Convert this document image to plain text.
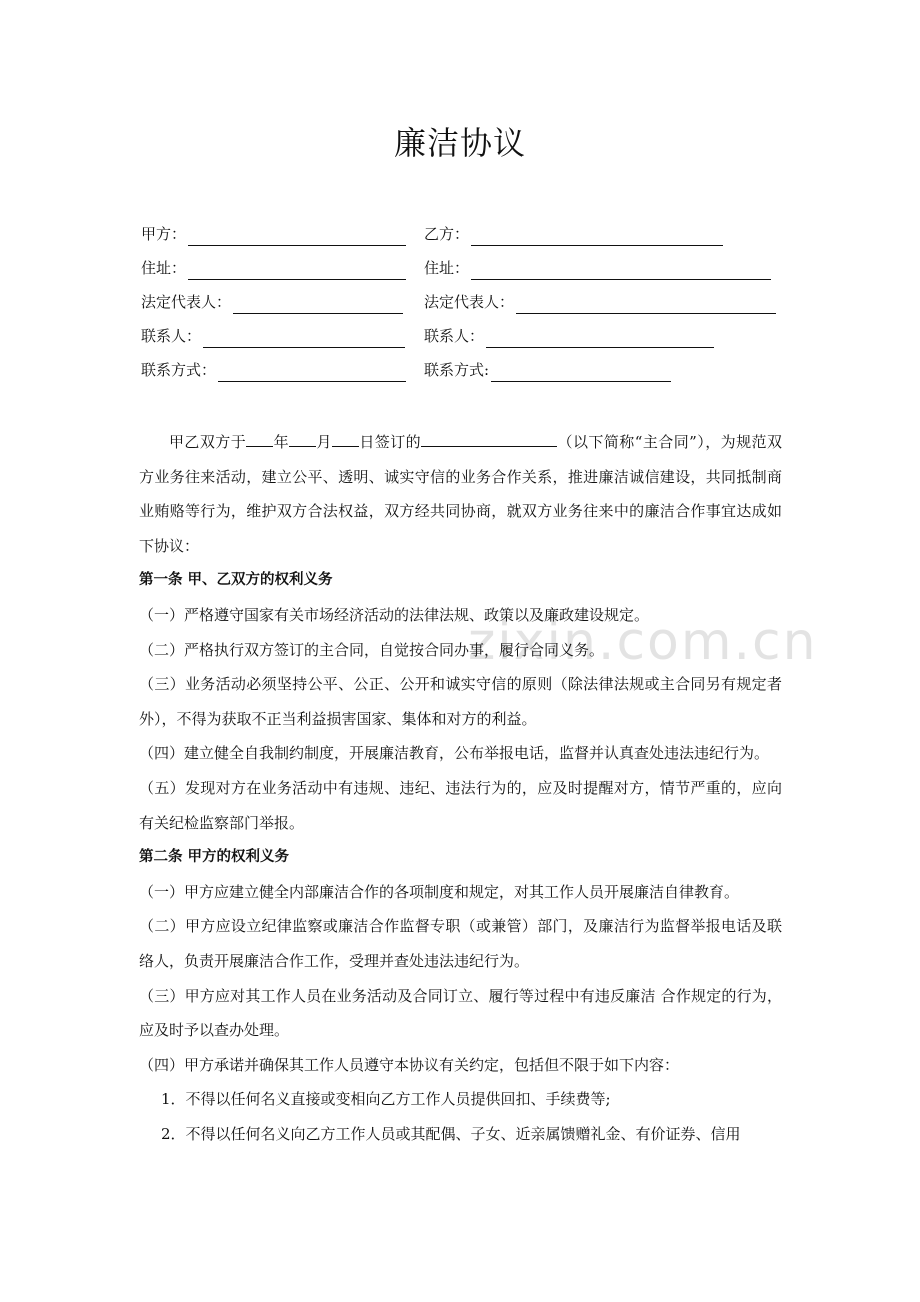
廉洁协议
zixin.com.cn
甲方：	乙方：
住址：	住址：
法定代表人：	法定代表人：
联系人：	联系人：
联系方式：	联系方式:

甲乙双方于 年 月 日签订的	（以下简称“主合同”），为规范双方业务往来活动，建立公平、透明、诚实守信的业务合作关系，推进廉洁诚信建设，共同抵制商业贿赂等行为，维护双方合法权益，双方经共同协商，就双方业务往来中的廉洁合作事宜达成如下协议：

第一条 甲、乙双方的权利义务

（一）严格遵守国家有关市场经济活动的法律法规、政策以及廉政建设规定。

（二）严格执行双方签订的主合同，自觉按合同办事，履行合同义务。

（三）业务活动必须坚持公平、公正、公开和诚实守信的原则（除法律法规或主合同另有规定者外），不得为获取不正当利益损害国家、集体和对方的利益。

（四）建立健全自我制约制度，开展廉洁教育，公布举报电话，监督并认真查处违法违纪行为。

（五）发现对方在业务活动中有违规、违纪、违法行为的，应及时提醒对方，情节严重的，应向有关纪检监察部门举报。

第二条 甲方的权利义务

（一）甲方应建立健全内部廉洁合作的各项制度和规定，对其工作人员开展廉洁自律教育。

（二）甲方应设立纪律监察或廉洁合作监督专职（或兼管）部门，及廉洁行为监督举报电话及联络人，负责开展廉洁合作工作，受理并查处违法违纪行为。

（三）甲方应对其工作人员在业务活动及合同订立、履行等过程中有违反廉洁 合作规定的行为，应及时予以查办处理。

（四）甲方承诺并确保其工作人员遵守本协议有关约定，包括但不限于如下内容：

1．不得以任何名义直接或变相向乙方工作人员提供回扣、手续费等;

2．不得以任何名义向乙方工作人员或其配偶、子女、近亲属馈赠礼金、有价证券、信用
